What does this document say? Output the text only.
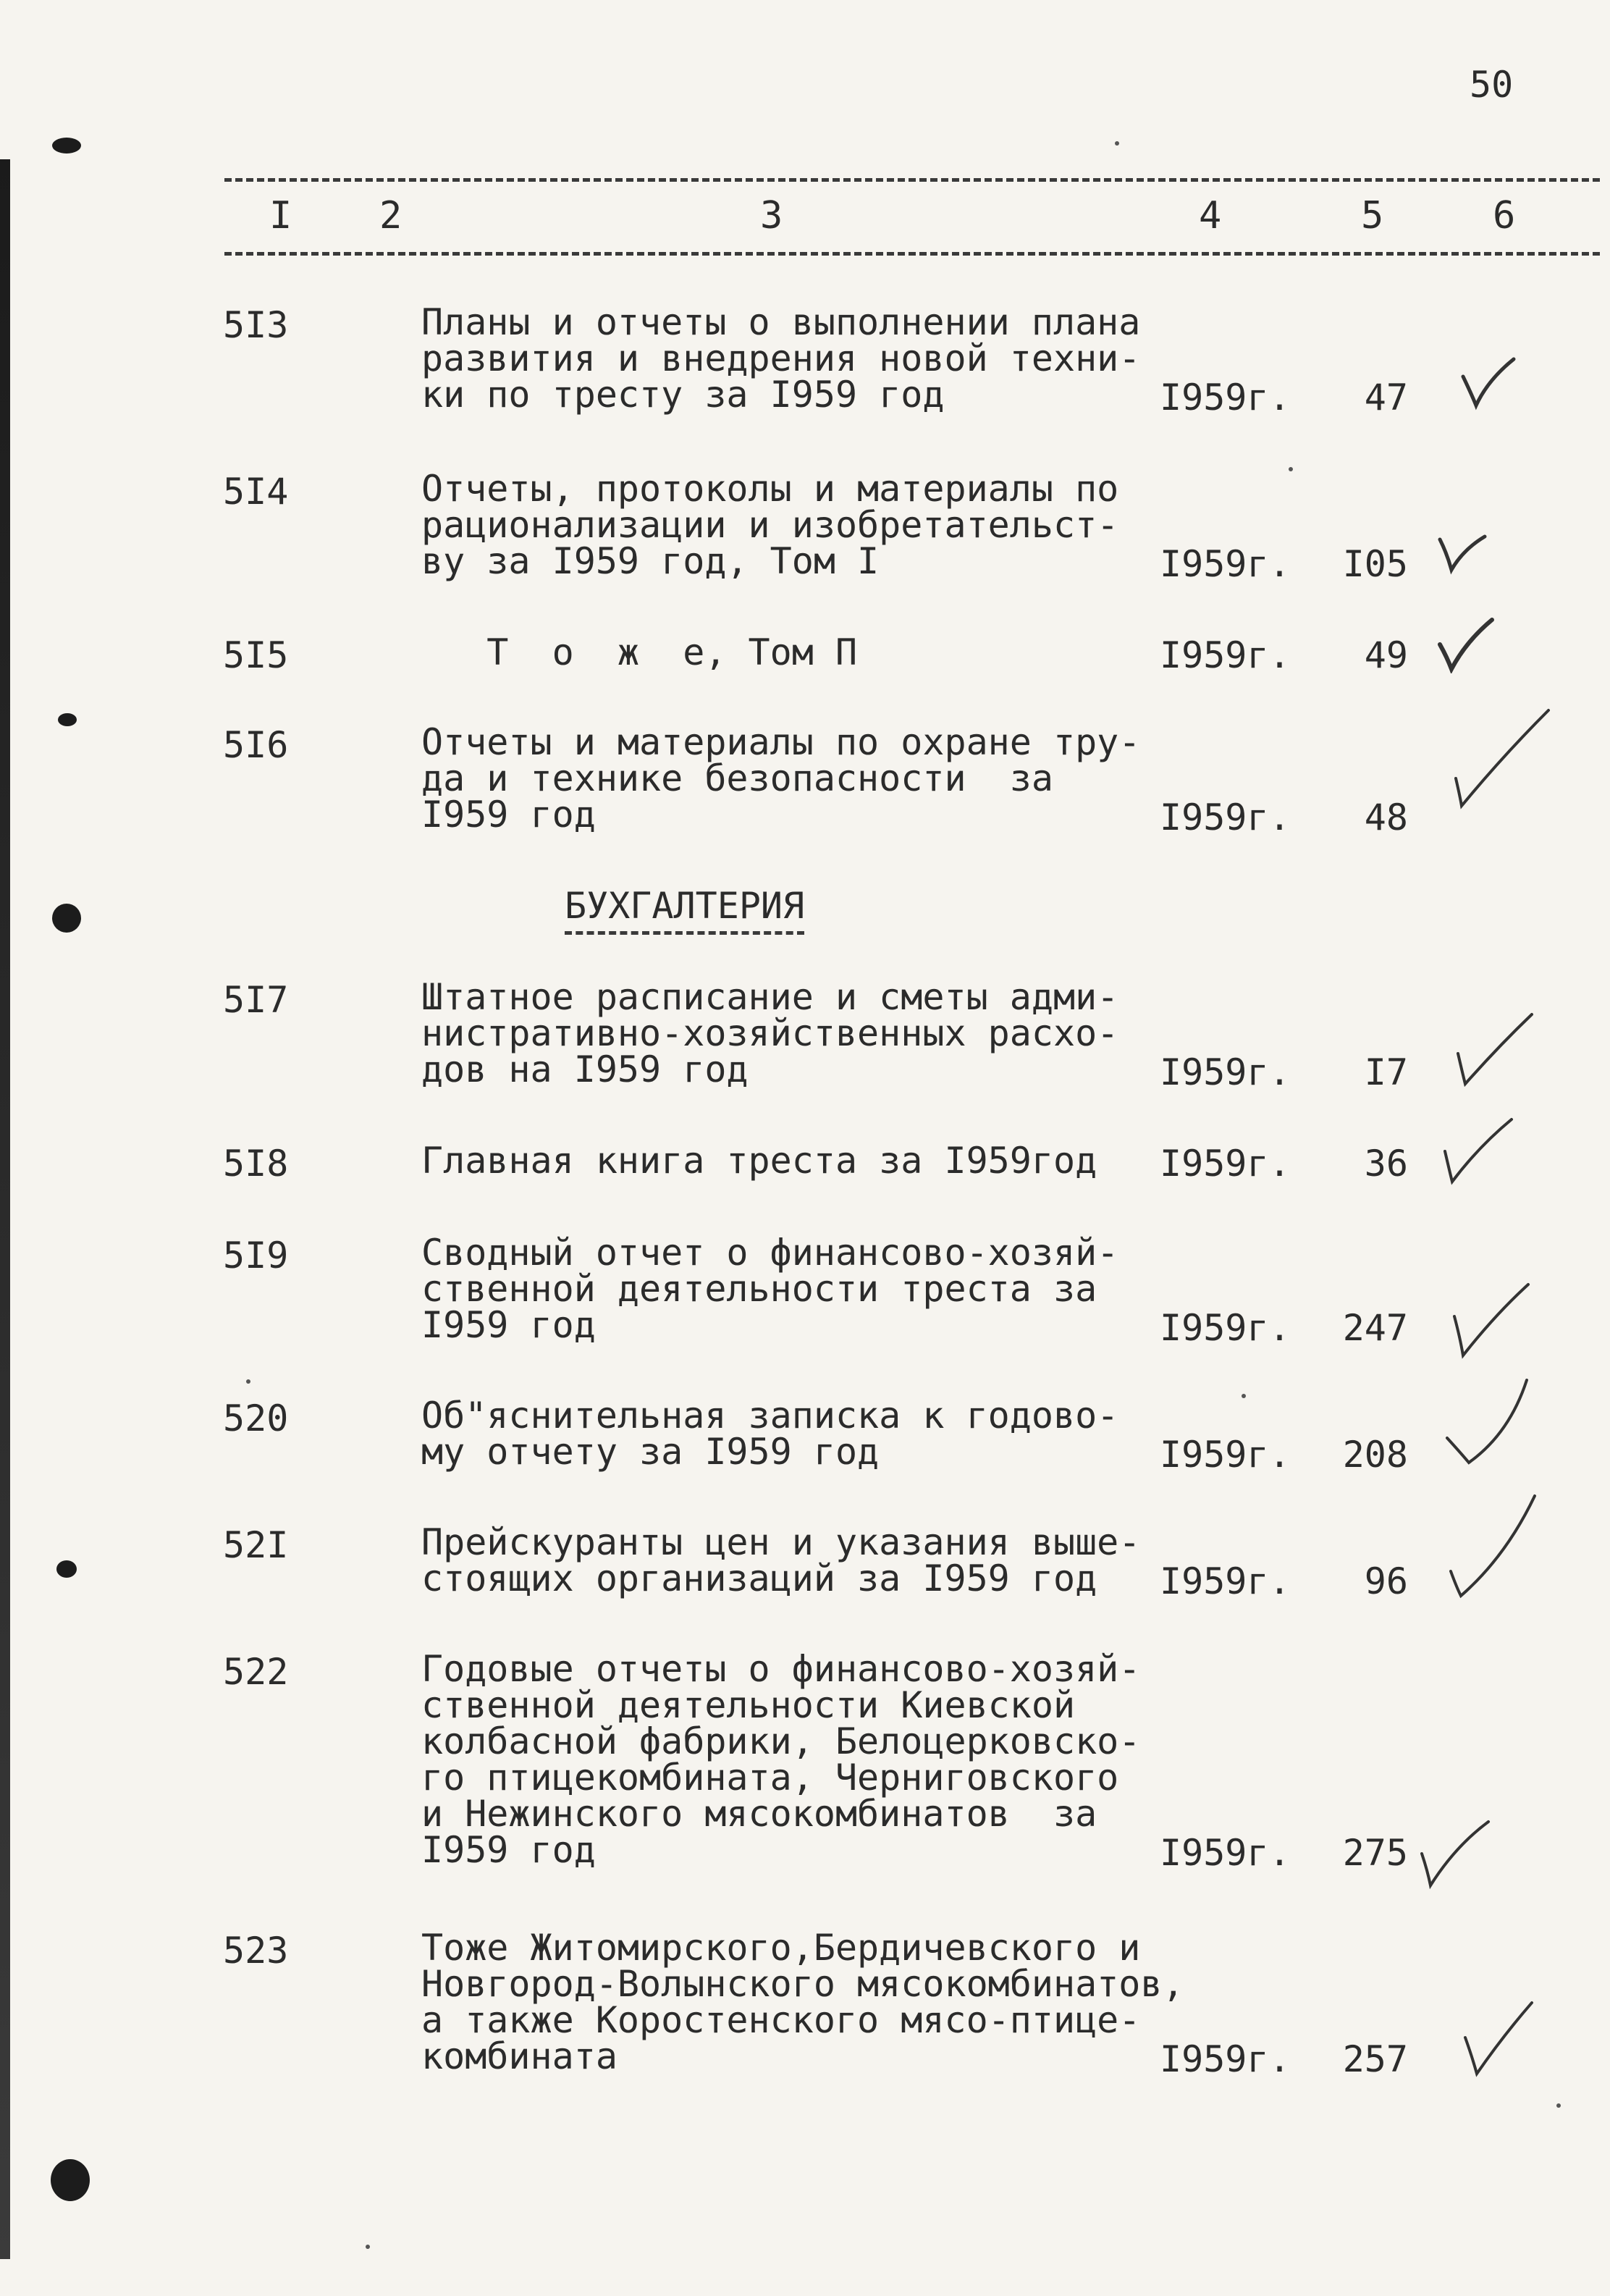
50
I 2	3	4	5	6
5I3	Планы и отчеты о выполнении плана
развития и внедрения новой техни-
ки по тресту за I959 год	I959г.	47
5I4	Отчеты, протоколы и материалы по
рационализации и изобретательст-
ву за I959 год, Том I	I959г.	I05
5I5	Т  о  ж  е, Том П	I959г.	49
5I6	Отчеты и материалы по охране тру-
да и технике безопасности  за
I959 год	I959г.	48
БУХГАЛТЕРИЯ
5I7	Штатное расписание и сметы адми-
нистративно-хозяйственных расхо-
дов на I959 год	I959г.	I7
5I8	Главная книга треста за I959год	I959г.	36
5I9	Сводный отчет о финансово-хозяй-
ственной деятельности треста за
I959 год	I959г.	247
520	Об"яснительная записка к годово-
му отчету за I959 год	I959г.	208
52I	Прейскуранты цен и указания выше-
стоящих организаций за I959 год	I959г.	96
522	Годовые отчеты о финансово-хозяй-
ственной деятельности Киевской
колбасной фабрики, Белоцерковско-
го птицекомбината, Черниговского
и Нежинского мясокомбинатов  за
I959 год	I959г.	275
523	Тоже Житомирского,Бердичевского и
Новгород-Волынского мясокомбинатов,
а также Коростенского мясо-птице-
комбината	I959г.	257
